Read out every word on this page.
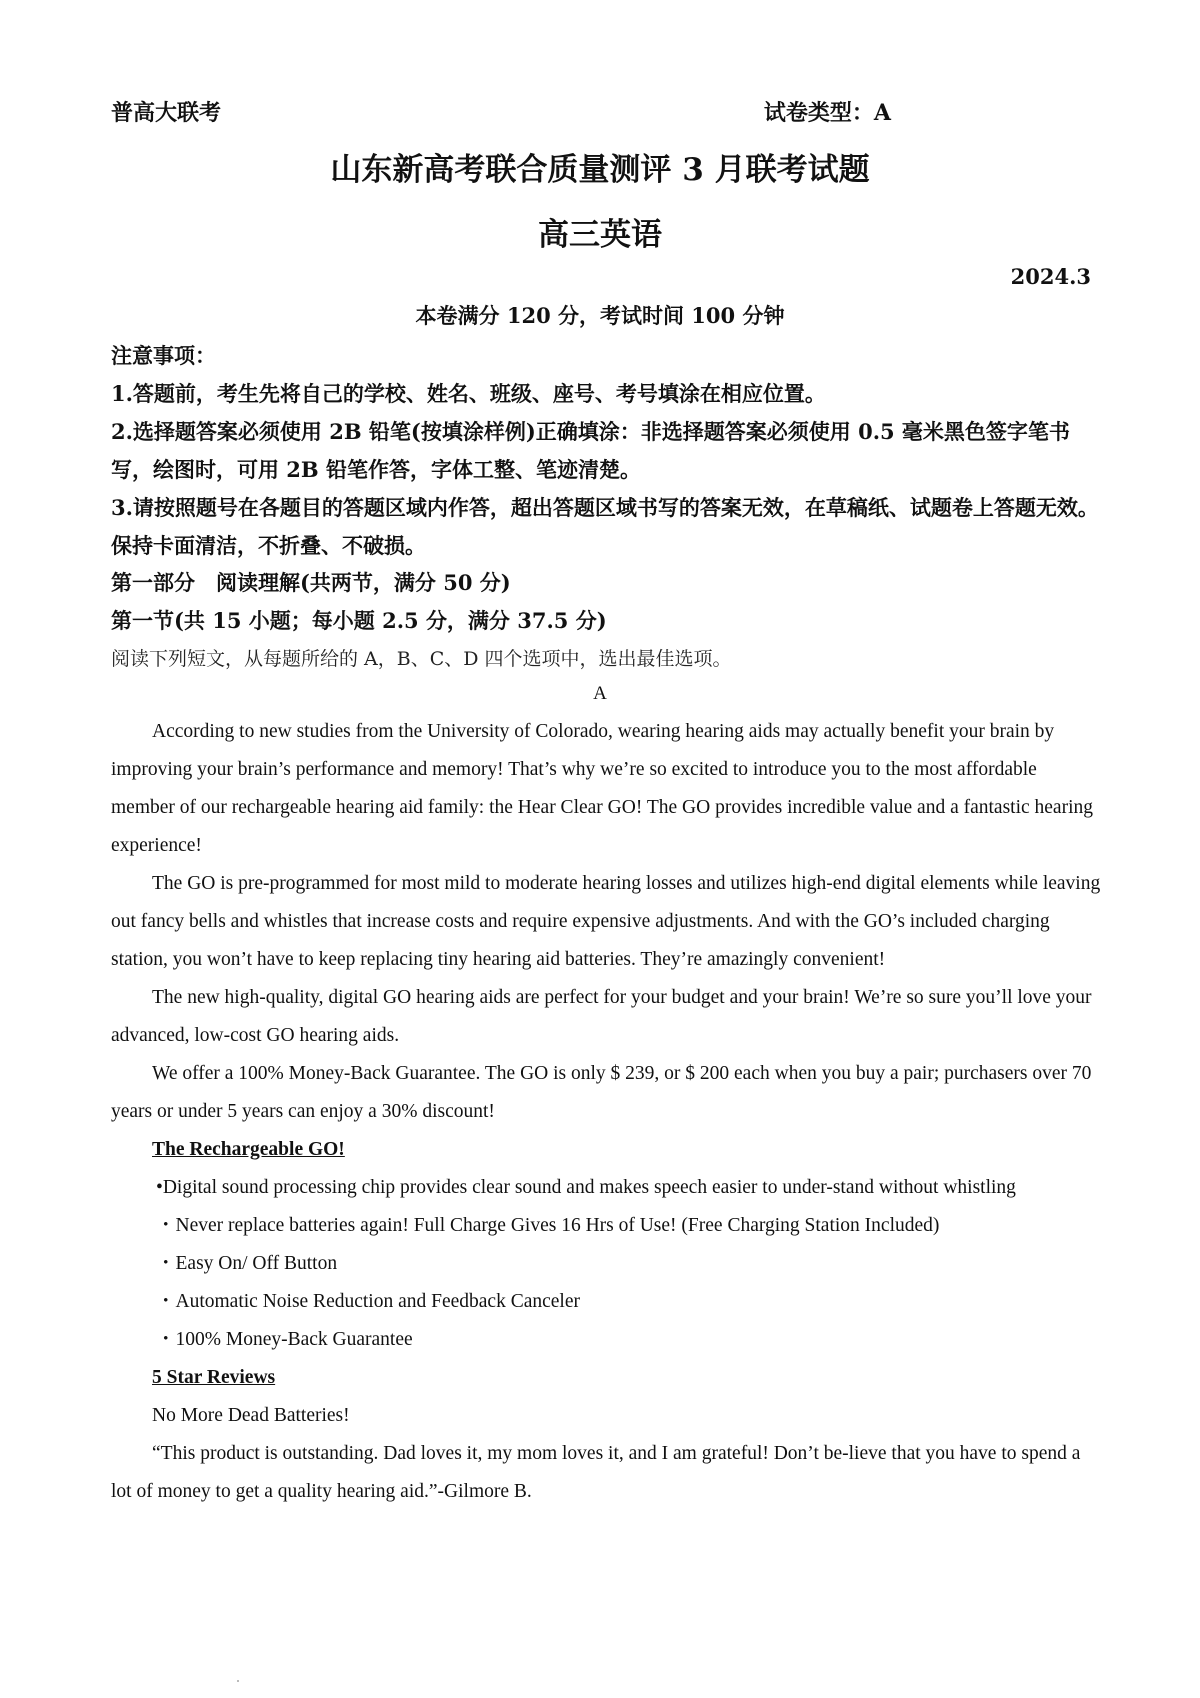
普高大联考	试卷类型：A
山东新高考联合质量测评 3 月联考试题
高三英语
2024.3
本卷满分 120 分，考试时间 100 分钟

注意事项：

1.答题前，考生先将自己的学校、姓名、班级、座号、考号填涂在相应位置。

2.选择题答案必须使用 2B 铅笔(按填涂样例)正确填涂：非选择题答案必须使用 0.5 毫米黑色签字笔书写，绘图时，可用 2B 铅笔作答，字体工整、笔迹清楚。

3.请按照题号在各题目的答题区域内作答，超出答题区域书写的答案无效，在草稿纸、试题卷上答题无效。保持卡面清洁，不折叠、不破损。

第一部分　阅读理解(共两节，满分 50 分)
第一节(共 15 小题；每小题 2.5 分，满分 37.5 分)
阅读下列短文，从每题所给的 A，B、C、D 四个选项中，选出最佳选项。
A

According to new studies from the University of Colorado, wearing hearing aids may actually benefit your brain by improving your brain’s performance and memory! That’s why we’re so excited to introduce you to the most affordable member of our rechargeable hearing aid family: the Hear Clear GO! The GO provides incredible value and a fantastic hearing experience!

The GO is pre-programmed for most mild to moderate hearing losses and utilizes high-end digital elements while leaving out fancy bells and whistles that increase costs and require expensive adjustments. And with the GO’s included charging station, you won’t have to keep replacing tiny hearing aid batteries. They’re amazingly convenient!

The new high-quality, digital GO hearing aids are perfect for your budget and your brain! We’re so sure you’ll love your advanced, low-cost GO hearing aids.

We offer a 100% Money-Back Guarantee. The GO is only $ 239, or $ 200 each when you buy a pair; purchasers over 70 years or under 5 years can enjoy a 30% discount!

The Rechargeable GO!
•Digital sound processing chip provides clear sound and makes speech easier to under-stand without whistling
・Never replace batteries again! Full Charge Gives 16 Hrs of Use! (Free Charging Station Included)
・Easy On/ Off Button
・Automatic Noise Reduction and Feedback Canceler
・100% Money-Back Guarantee
5 Star Reviews
No More Dead Batteries!

“This product is outstanding. Dad loves it, my mom loves it, and I am grateful! Don’t be-lieve that you have to spend a lot of money to get a quality hearing aid.”-Gilmore B.
